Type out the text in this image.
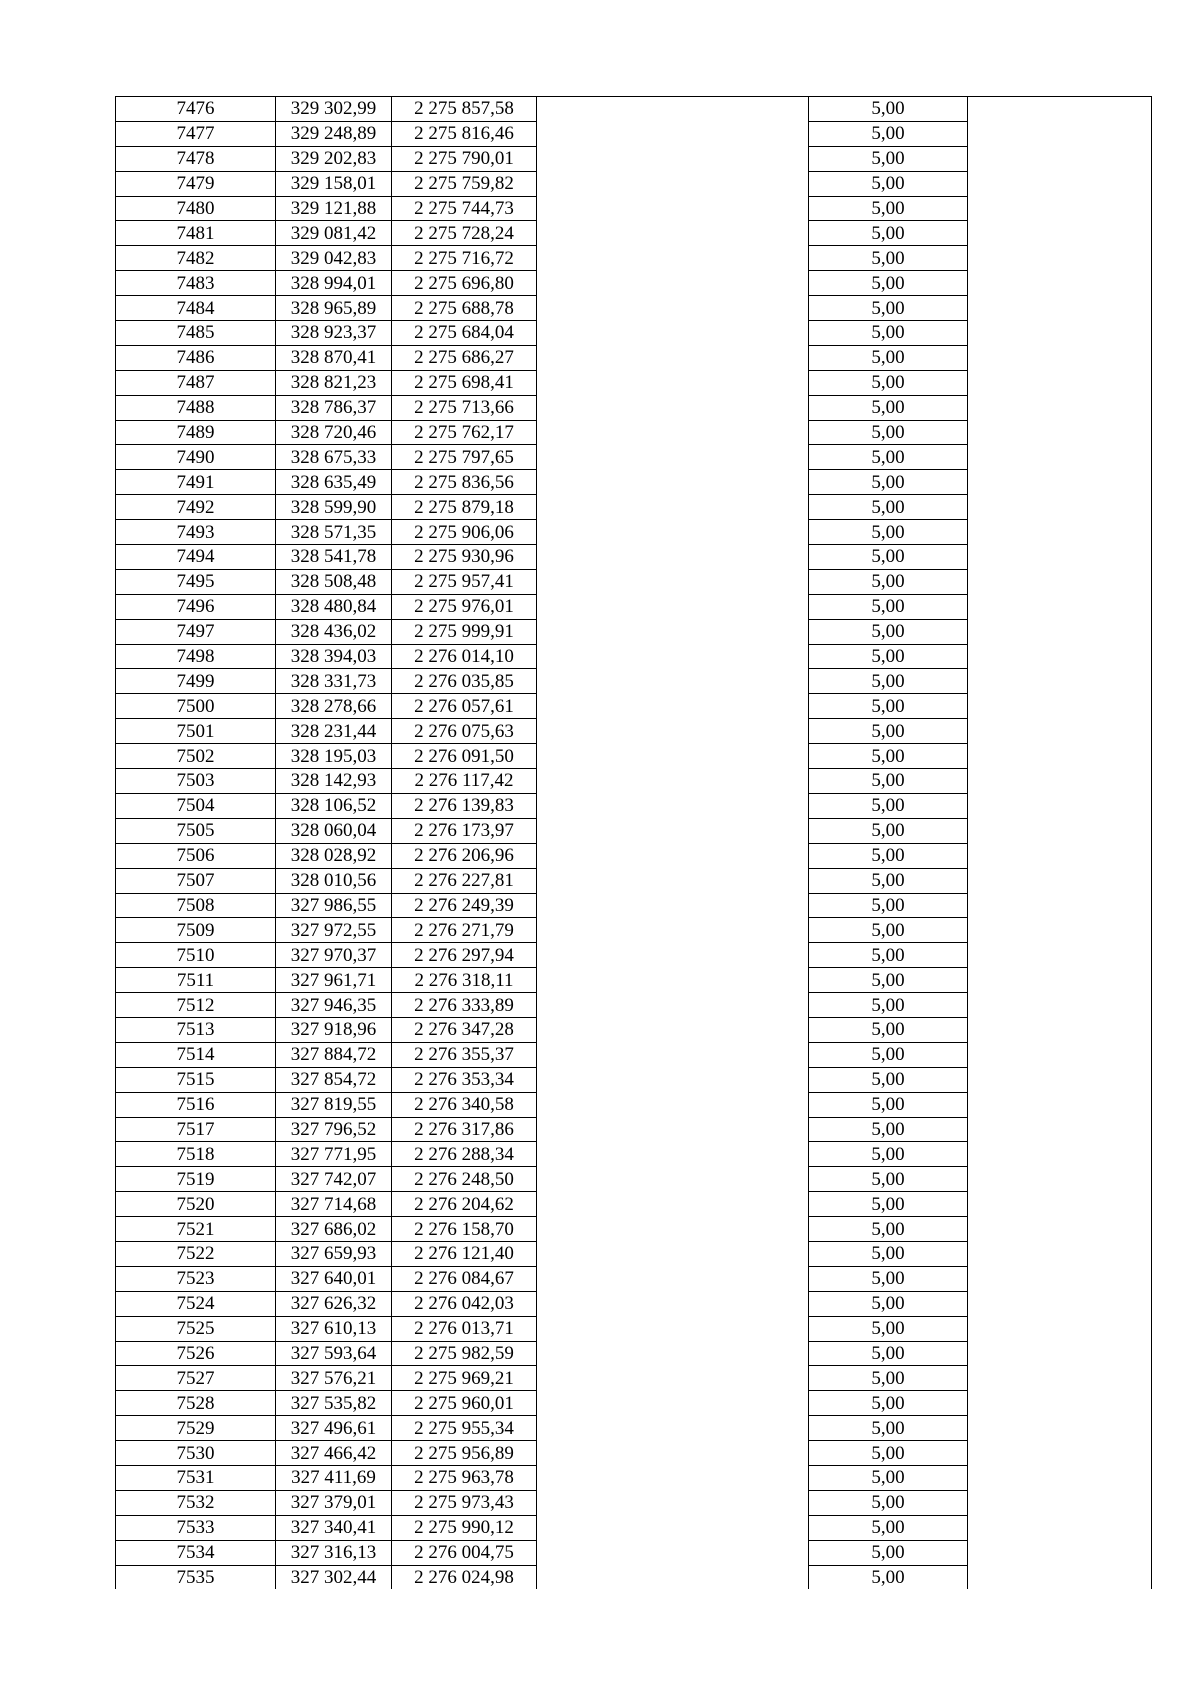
7476	329 302,99	2 275 857,58		5,00	
7477	329 248,89	2 275 816,46		5,00	
7478	329 202,83	2 275 790,01		5,00	
7479	329 158,01	2 275 759,82		5,00	
7480	329 121,88	2 275 744,73		5,00	
7481	329 081,42	2 275 728,24		5,00	
7482	329 042,83	2 275 716,72		5,00	
7483	328 994,01	2 275 696,80		5,00	
7484	328 965,89	2 275 688,78		5,00	
7485	328 923,37	2 275 684,04		5,00	
7486	328 870,41	2 275 686,27		5,00	
7487	328 821,23	2 275 698,41		5,00	
7488	328 786,37	2 275 713,66		5,00	
7489	328 720,46	2 275 762,17		5,00	
7490	328 675,33	2 275 797,65		5,00	
7491	328 635,49	2 275 836,56		5,00	
7492	328 599,90	2 275 879,18		5,00	
7493	328 571,35	2 275 906,06		5,00	
7494	328 541,78	2 275 930,96		5,00	
7495	328 508,48	2 275 957,41		5,00	
7496	328 480,84	2 275 976,01		5,00	
7497	328 436,02	2 275 999,91		5,00	
7498	328 394,03	2 276 014,10		5,00	
7499	328 331,73	2 276 035,85		5,00	
7500	328 278,66	2 276 057,61		5,00	
7501	328 231,44	2 276 075,63		5,00	
7502	328 195,03	2 276 091,50		5,00	
7503	328 142,93	2 276 117,42		5,00	
7504	328 106,52	2 276 139,83		5,00	
7505	328 060,04	2 276 173,97		5,00	
7506	328 028,92	2 276 206,96		5,00	
7507	328 010,56	2 276 227,81		5,00	
7508	327 986,55	2 276 249,39		5,00	
7509	327 972,55	2 276 271,79		5,00	
7510	327 970,37	2 276 297,94		5,00	
7511	327 961,71	2 276 318,11		5,00	
7512	327 946,35	2 276 333,89		5,00	
7513	327 918,96	2 276 347,28		5,00	
7514	327 884,72	2 276 355,37		5,00	
7515	327 854,72	2 276 353,34		5,00	
7516	327 819,55	2 276 340,58		5,00	
7517	327 796,52	2 276 317,86		5,00	
7518	327 771,95	2 276 288,34		5,00	
7519	327 742,07	2 276 248,50		5,00	
7520	327 714,68	2 276 204,62		5,00	
7521	327 686,02	2 276 158,70		5,00	
7522	327 659,93	2 276 121,40		5,00	
7523	327 640,01	2 276 084,67		5,00	
7524	327 626,32	2 276 042,03		5,00	
7525	327 610,13	2 276 013,71		5,00	
7526	327 593,64	2 275 982,59		5,00	
7527	327 576,21	2 275 969,21		5,00	
7528	327 535,82	2 275 960,01		5,00	
7529	327 496,61	2 275 955,34		5,00	
7530	327 466,42	2 275 956,89		5,00	
7531	327 411,69	2 275 963,78		5,00	
7532	327 379,01	2 275 973,43		5,00	
7533	327 340,41	2 275 990,12		5,00	
7534	327 316,13	2 276 004,75		5,00	
7535	327 302,44	2 276 024,98		5,00	
